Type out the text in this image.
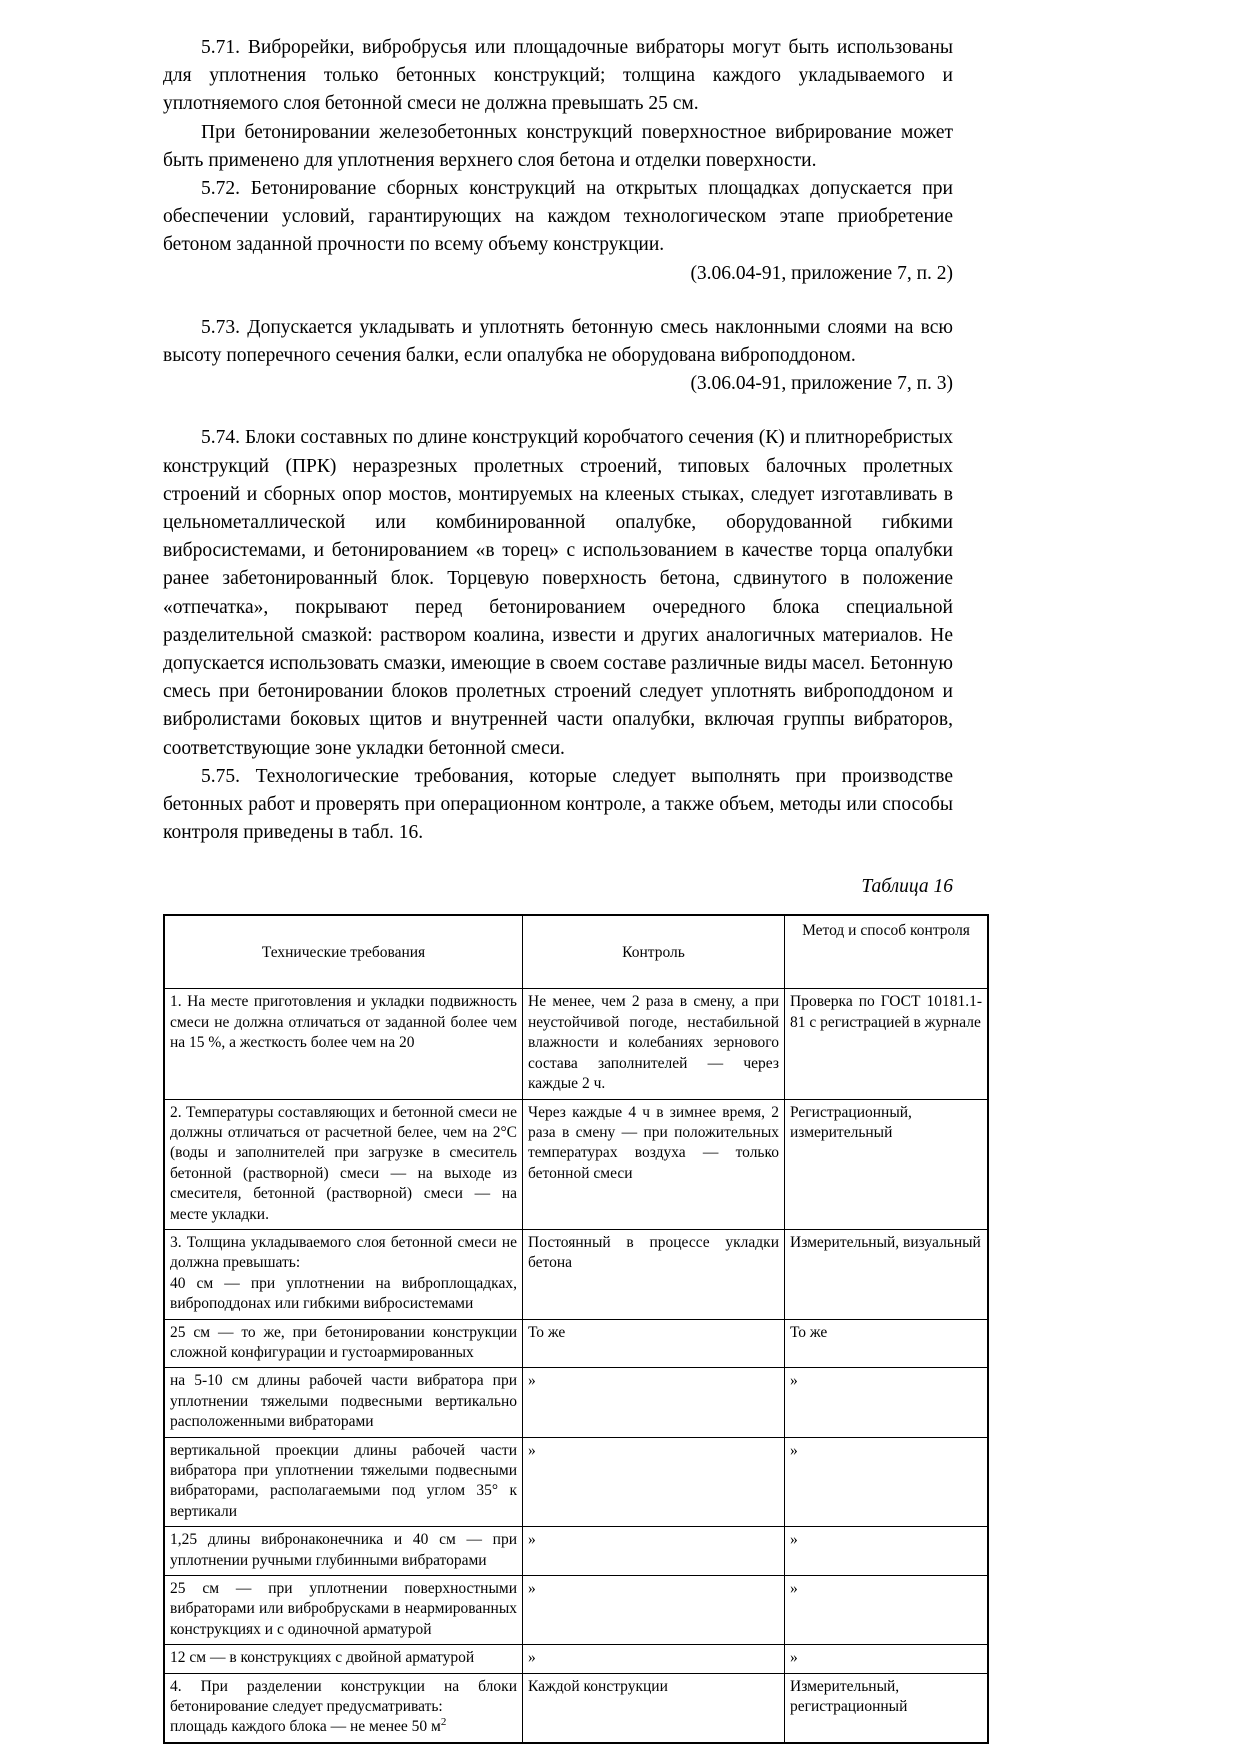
5.71. Виброрейки, вибробрусья или площадочные вибраторы могут быть использованы для уплотнения только бетонных конструкций; толщина каждого укладываемого и уплотняемого слоя бетонной смеси не должна превышать 25 см.

При бетонировании железобетонных конструкций поверхностное вибрирование может быть применено для уплотнения верхнего слоя бетона и отделки поверхности.

5.72. Бетонирование сборных конструкций на открытых площадках допускается при обеспечении условий, гарантирующих на каждом технологическом этапе приобретение бетоном заданной прочности по всему объему конструкции.

(3.06.04-91, приложение 7, п. 2)

5.73. Допускается укладывать и уплотнять бетонную смесь наклонными слоями на всю высоту поперечного сечения балки, если опалубка не оборудована виброподдоном.

(3.06.04-91, приложение 7, п. 3)

5.74. Блоки составных по длине конструкций коробчатого сечения (К) и плитноребристых конструкций (ПРК) неразрезных пролетных строений, типовых балочных пролетных строений и сборных опор мостов, монтируемых на клееных стыках, следует изготавливать в цельнометаллической или комбинированной опалубке, оборудованной гибкими вибросистемами, и бетонированием «в торец» с использованием в качестве торца опалубки ранее забетонированный блок. Торцевую поверхность бетона, сдвинутого в положение «отпечатка», покрывают перед бетонированием очередного блока специальной разделительной смазкой: раствором коалина, извести и других аналогичных материалов. Не допускается использовать смазки, имеющие в своем составе различные виды масел. Бетонную смесь при бетонировании блоков пролетных строений следует уплотнять виброподдоном и вибролистами боковых щитов и внутренней части опалубки, включая группы вибраторов, соответствующие зоне укладки бетонной смеси.

5.75. Технологические требования, которые следует выполнять при производстве бетонных работ и проверять при операционном контроле, а также объем, методы или способы контроля приведены в табл. 16.

Таблица 16

Технические требования	Контроль	Метод и способ контроля
1. На месте приготовления и укладки подвижность смеси не должна отличаться от заданной более чем на 15 %, а жесткость более чем на 20	Не менее, чем 2 раза в смену, а при неустойчивой погоде, нестабильной влажности и колебаниях зернового состава заполнителей — через каждые 2 ч.	Проверка по ГОСТ 10181.1-81 с регистрацией в журнале
2. Температуры составляющих и бетонной смеси не должны отличаться от расчетной белее, чем на 2°С (воды и заполнителей при загрузке в смеситель бетонной (растворной) смеси — на выходе из смесителя, бетонной (растворной) смеси — на месте укладки.	Через каждые 4 ч в зимнее время, 2 раза в смену — при положительных температурах воздуха — только бетонной смеси	Регистрационный, измерительный
3. Толщина укладываемого слоя бетонной смеси не должна превышать:
40 см — при уплотнении на виброплощадках, виброподдонах или гибкими вибросистемами	Постоянный в процессе укладки бетона	Измерительный, визуальный
25 см — то же, при бетонировании конструкции сложной конфигурации и густоармированных	То же	То же
на 5-10 см длины рабочей части вибратора при уплотнении тяжелыми подвесными вертикально расположенными вибраторами	»	»
вертикальной проекции длины рабочей части вибратора при уплотнении тяжелыми подвесными вибраторами, располагаемыми под углом 35° к вертикали	»	»
1,25 длины вибронаконечника и 40 см — при уплотнении ручными глубинными вибраторами	»	»
25 см — при уплотнении поверхностными вибраторами или вибробрусками в неармированных конструкциях и с одиночной арматурой	»	»
12 см — в конструкциях с двойной арматурой	»	»
4. При разделении конструкции на блоки бетонирование следует предусматривать:
площадь каждого блока — не менее 50 $м^2$	Каждой конструкции	Измерительный, регистрационный
